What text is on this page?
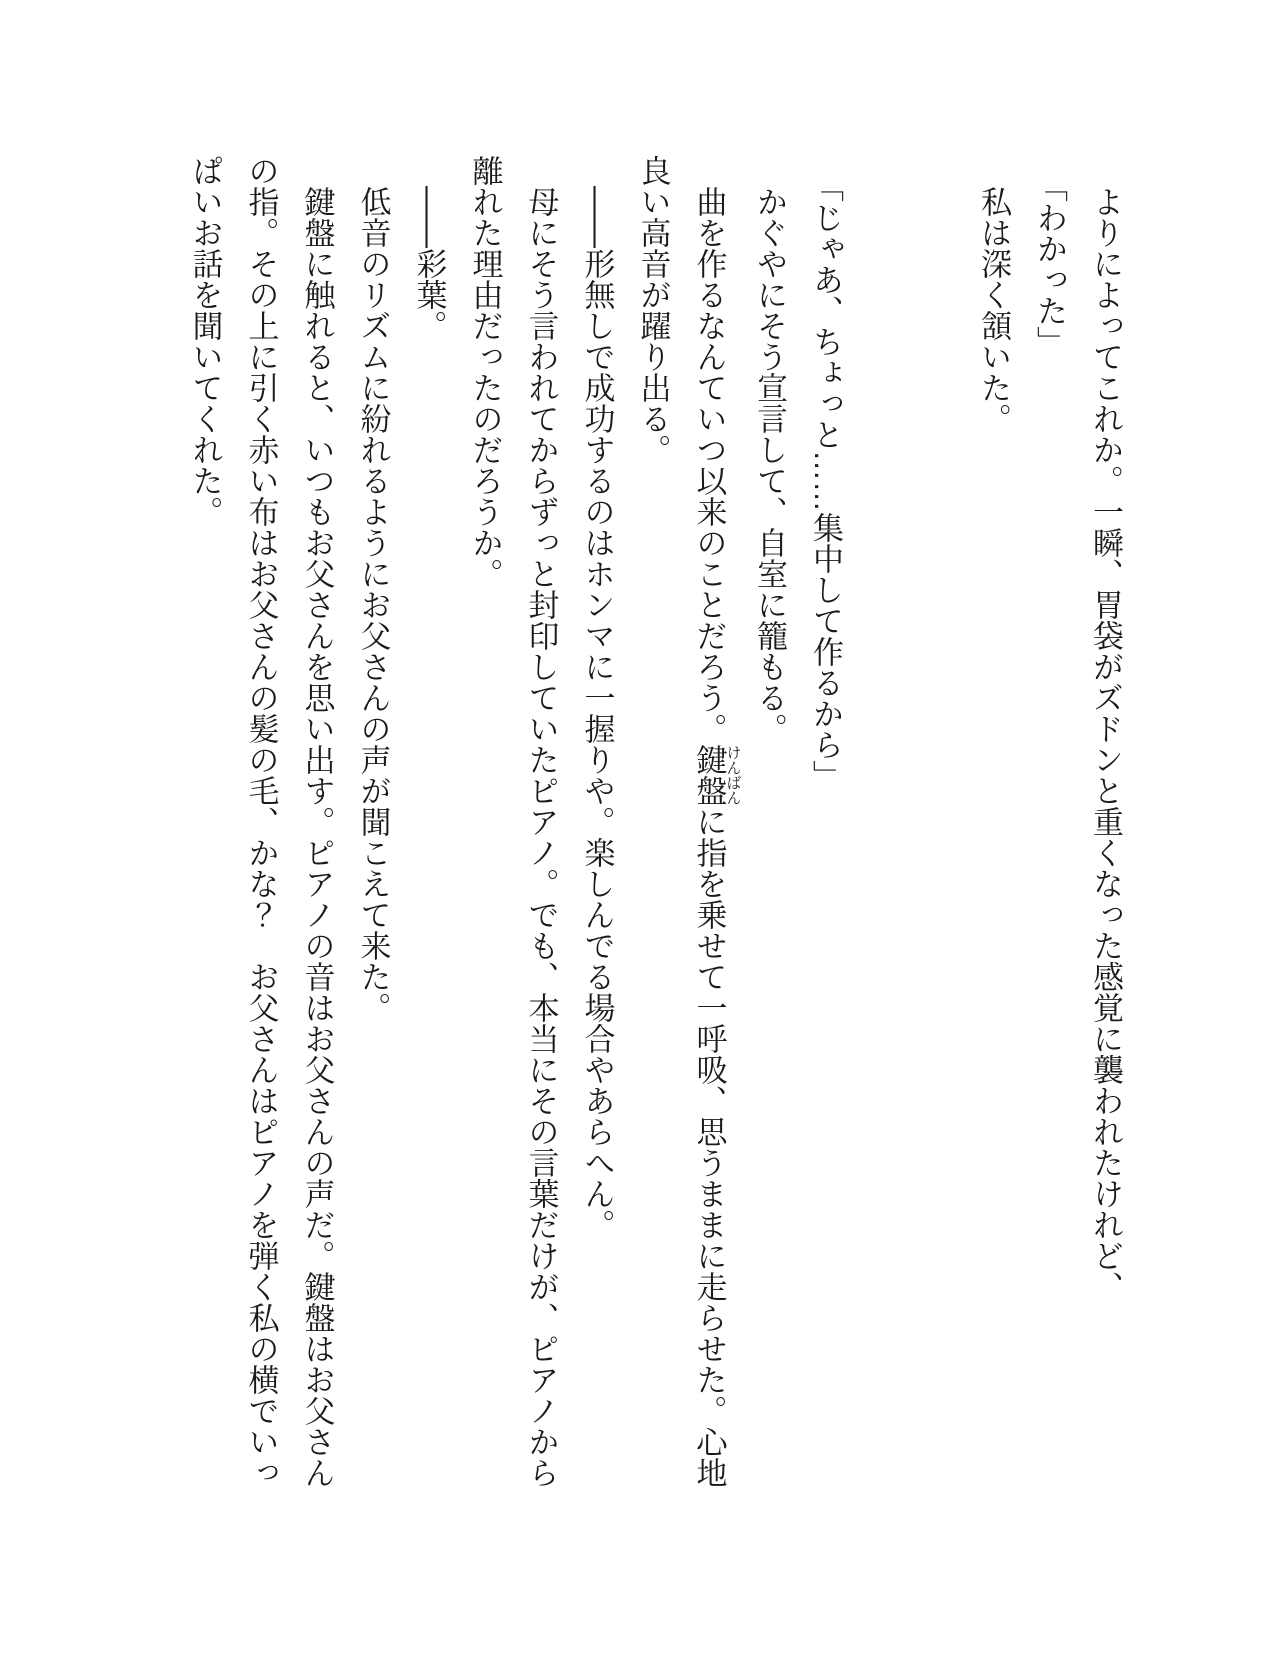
よりによってこれか。一瞬、胃袋がズドンと重くなった感覚に襲われたけれど、

「わかった」

私は深く頷いた。

「じゃあ、ちょっと……集中して作るから」

かぐやにそう宣言して、自室に籠もる。

曲を作るなんていつ以来のことだろう。鍵盤けんばんに指を乗せて一呼吸、思うままに走らせた。心地良い高音が躍り出る。

――形無しで成功するのはホンマに一握りや。楽しんでる場合やあらへん。

母にそう言われてからずっと封印していたピアノ。でも、本当にその言葉だけが、ピアノから離れた理由だったのだろうか。

――彩葉。

低音のリズムに紛れるようにお父さんの声が聞こえて来た。

鍵盤に触れると、いつもお父さんを思い出す。ピアノの音はお父さんの声だ。鍵盤はお父さんの指。その上に引く赤い布はお父さんの髪の毛、かな？　お父さんはピアノを弾く私の横でいっぱいお話を聞いてくれた。
